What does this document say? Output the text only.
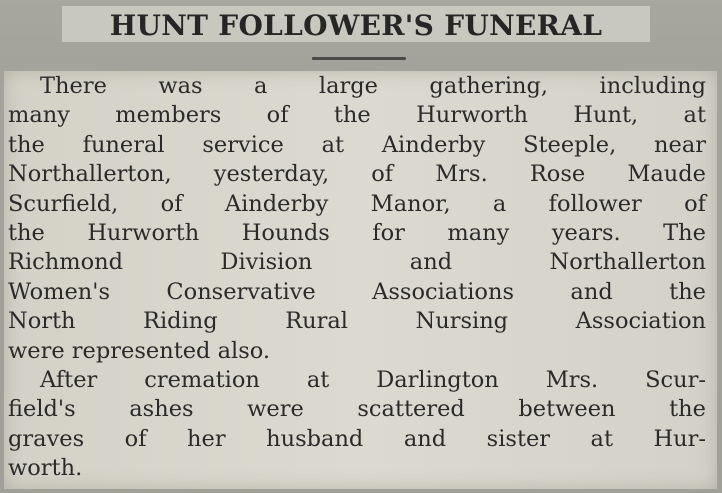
HUNT FOLLOWER'S FUNERAL
There was a large gathering, including
many members of the Hurworth Hunt, at
the funeral service at Ainderby Steeple, near
Northallerton, yesterday, of Mrs. Rose Maude
Scurfield, of Ainderby Manor, a follower of
the Hurworth Hounds for many years. The
Richmond Division and Northallerton
Women's Conservative Associations and the
North Riding Rural Nursing Association
were represented also.
After cremation at Darlington Mrs. Scur-
field's ashes were scattered between the
graves of her husband and sister at Hur-
worth.
